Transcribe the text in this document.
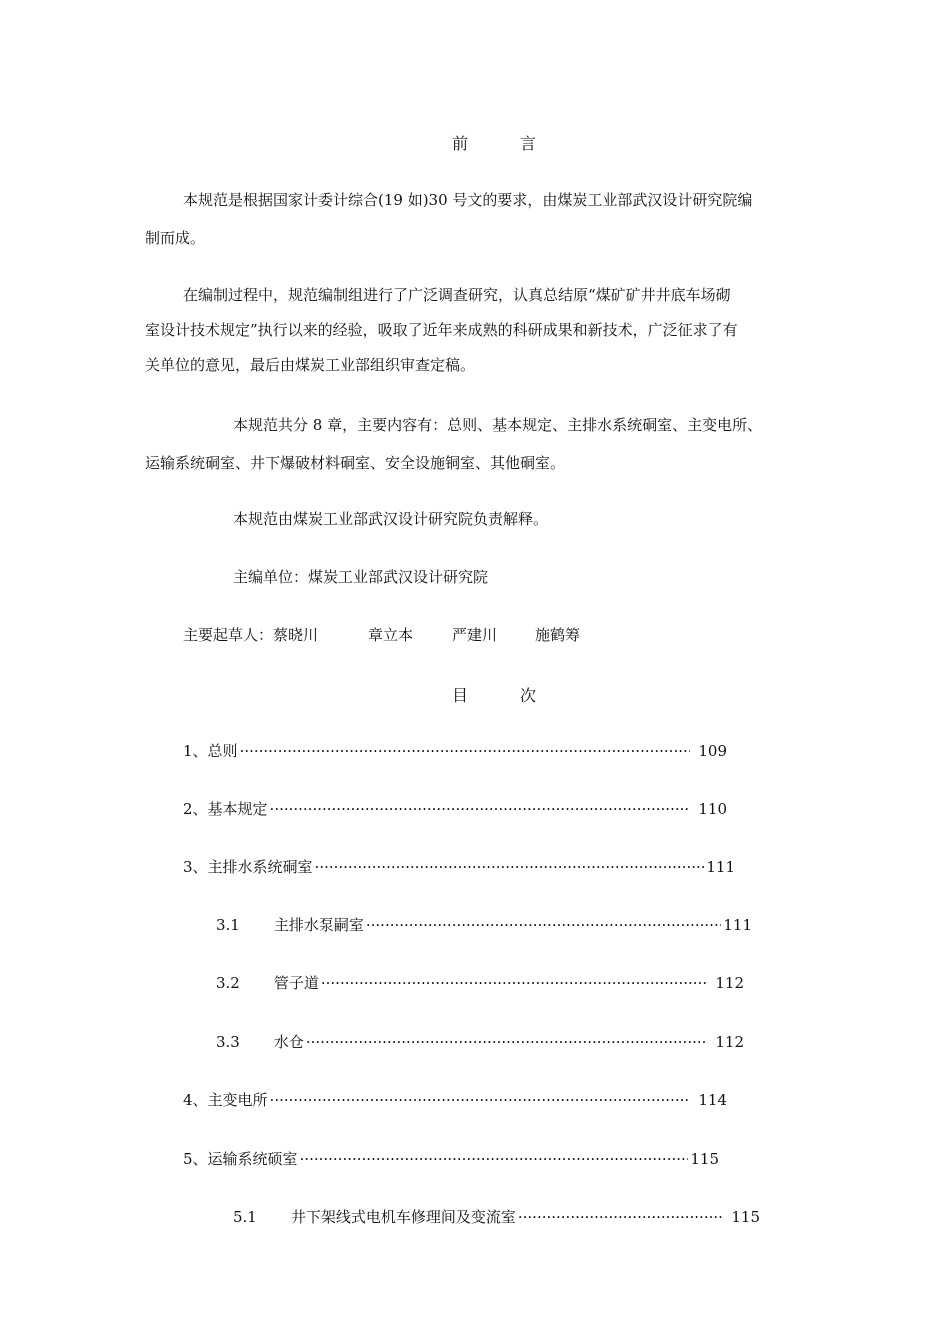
前	言
本规范是根据国家计委计综合(19 如)30 号文的要求，由煤炭工业部武汉设计研究院编
制而成。
在编制过程中，规范编制组进行了广泛调查研究，认真总结原“煤矿矿井井底车场砌
室设计技术规定”执行以来的经验，吸取了近年来成熟的科研成果和新技术，广泛征求了有
关单位的意见，最后由煤炭工业部组织审查定稿。
本规范共分 8 章，主要内容有：总则、基本规定、主排水系统硐室、主变电所、
运输系统硐室、井下爆破材料硐室、安全设施铜室、其他硐室。
本规范由煤炭工业部武汉设计研究院负责解释。
主编单位：煤炭工业部武汉设计研究院
主要起草人：蔡晓川	章立本	严建川	施鹤筹
目	次
1、总则 ·····	109
2、基本规定 ·····	110
3、主排水系统硐室 ·····	111
3.1 主排水泵嗣室 ·····	111
3.2 管子道 ·····	112
3.3 水仓 ·····	112
4、主变电所 ·····	114
5、运输系统硕室 ·····	115
5.1 井下架线式电机车修理间及变流室 ·····	115
